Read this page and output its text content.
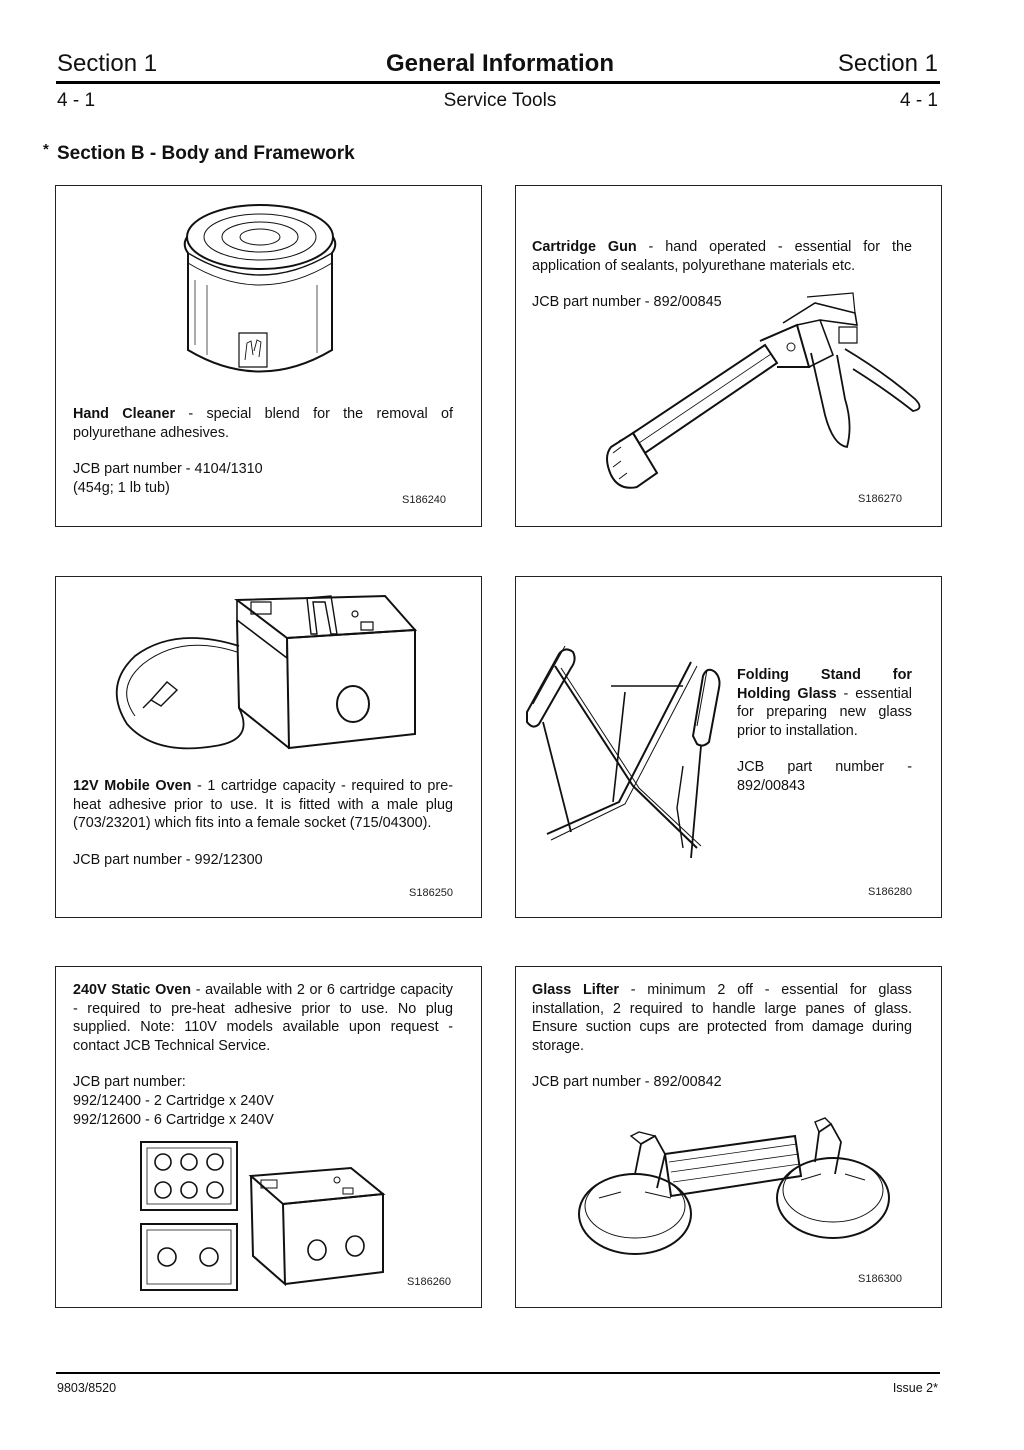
Section 1	General Information	Section 1
4 - 1	Service Tools	4 - 1
* Section B - Body and Framework

Hand Cleaner - special blend for the removal of polyurethane adhesives.

JCB part number - 4104/1310

(454g; 1 lb tub)

S186240

Cartridge Gun - hand operated - essential for the application of sealants, polyurethane materials etc.

JCB part number - 892/00845

S186270

12V Mobile Oven - 1 cartridge capacity - required to pre-heat adhesive prior to use. It is fitted with a male plug (703/23201) which fits into a female socket (715/04300).

JCB part number - 992/12300

S186250

Folding Stand for Holding Glass - essential for preparing new glass prior to installation.

JCB part number - 892/00843

S186280

240V Static Oven - available with 2 or 6 cartridge capacity - required to pre-heat adhesive prior to use. No plug supplied. Note: 110V models available upon request - contact JCB Technical Service.

JCB part number:

992/12400 - 2 Cartridge x 240V

992/12600 - 6 Cartridge x 240V

S186260

Glass Lifter - minimum 2 off - essential for glass installation, 2 required to handle large panes of glass. Ensure suction cups are protected from damage during storage.

JCB part number - 892/00842

S186300
9803/8520	Issue 2*
